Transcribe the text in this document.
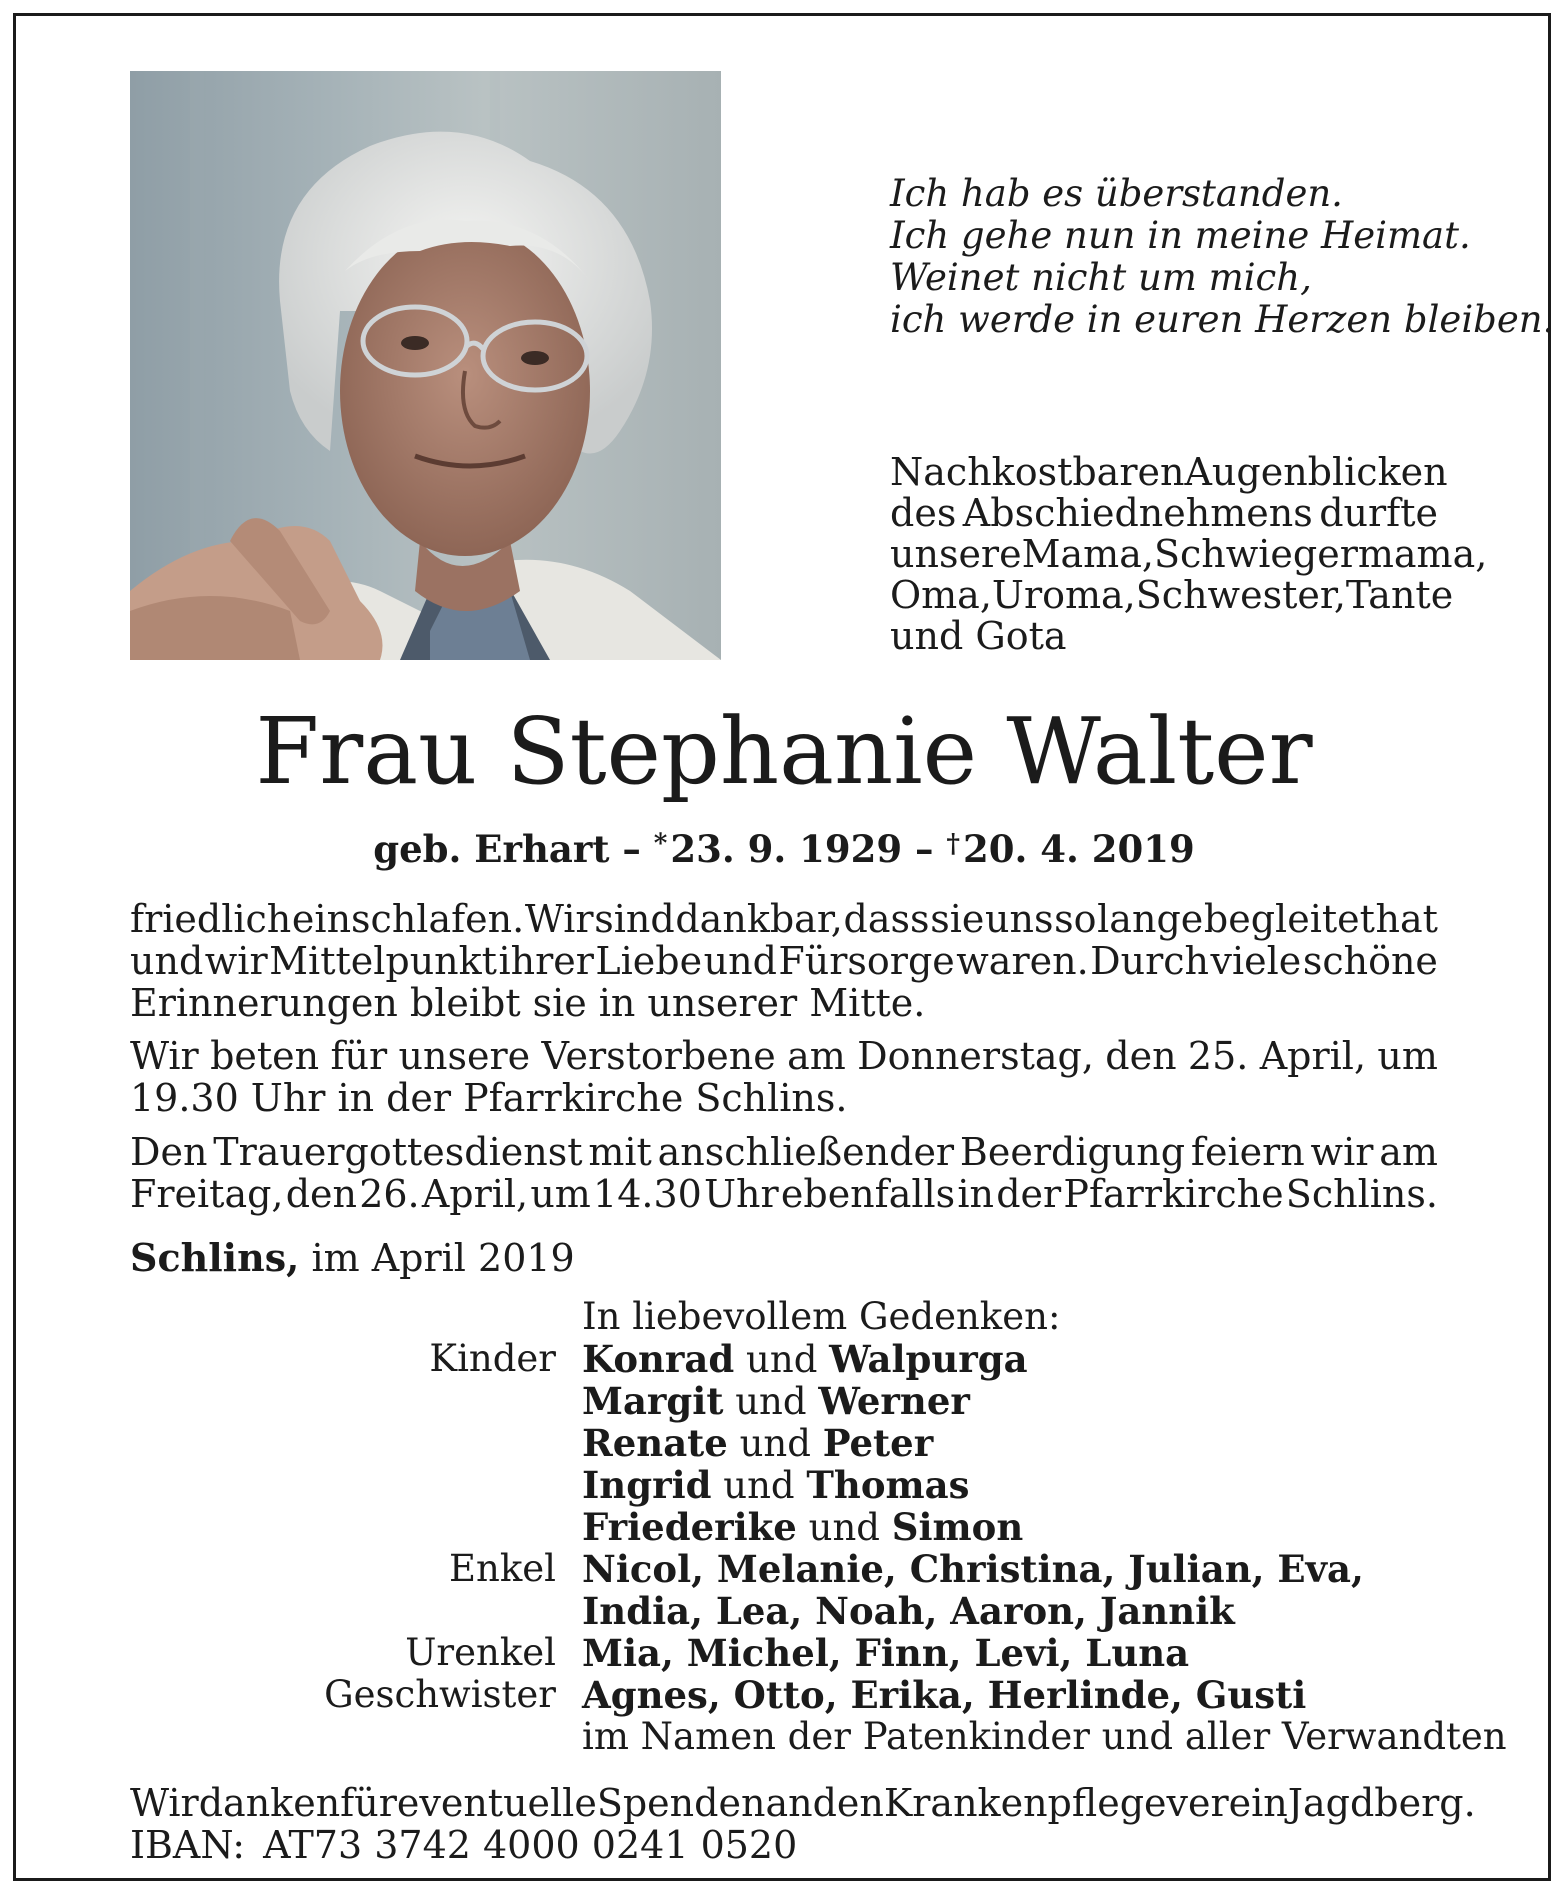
Ich hab es überstanden.
Ich gehe nun in meine Heimat.
Weinet nicht um mich,
ich werde in euren Herzen bleiben.
Nach kostbaren Augenblicken
des Abschiednehmens durfte
unsere Mama, Schwiegermama,
Oma, Uroma, Schwester, Tante
und Gota
Frau Stephanie Walter
geb. Erhart – *23. 9. 1929 – †20. 4. 2019
friedlich einschlafen. Wir sind dankbar, dass sie uns so lange begleitet hat
und wir Mittelpunkt ihrer Liebe und Fürsorge waren. Durch viele schöne
Erinnerungen bleibt sie in unserer Mitte.
Wir beten für unsere Verstorbene am Donnerstag, den 25. April, um
19.30 Uhr in der Pfarrkirche Schlins.
Den Trauergottesdienst mit anschließender Beerdigung feiern wir am
Freitag, den 26. April, um 14.30 Uhr ebenfalls in der Pfarrkirche Schlins.
Schlins, im April 2019
In liebevollem Gedenken:
Kinder Konrad und Walpurga
Margit und Werner
Renate und Peter
Ingrid und Thomas
Friederike und Simon
Enkel Nicol, Melanie, Christina, Julian, Eva,
India, Lea, Noah, Aaron, Jannik
Urenkel Mia, Michel, Finn, Levi, Luna
Geschwister Agnes, Otto, Erika, Herlinde, Gusti
im Namen der Patenkinder und aller Verwandten
Wir danken für eventuelle Spenden an den Krankenpflegeverein Jagdberg.
IBAN: AT73 3742 4000 0241 0520
